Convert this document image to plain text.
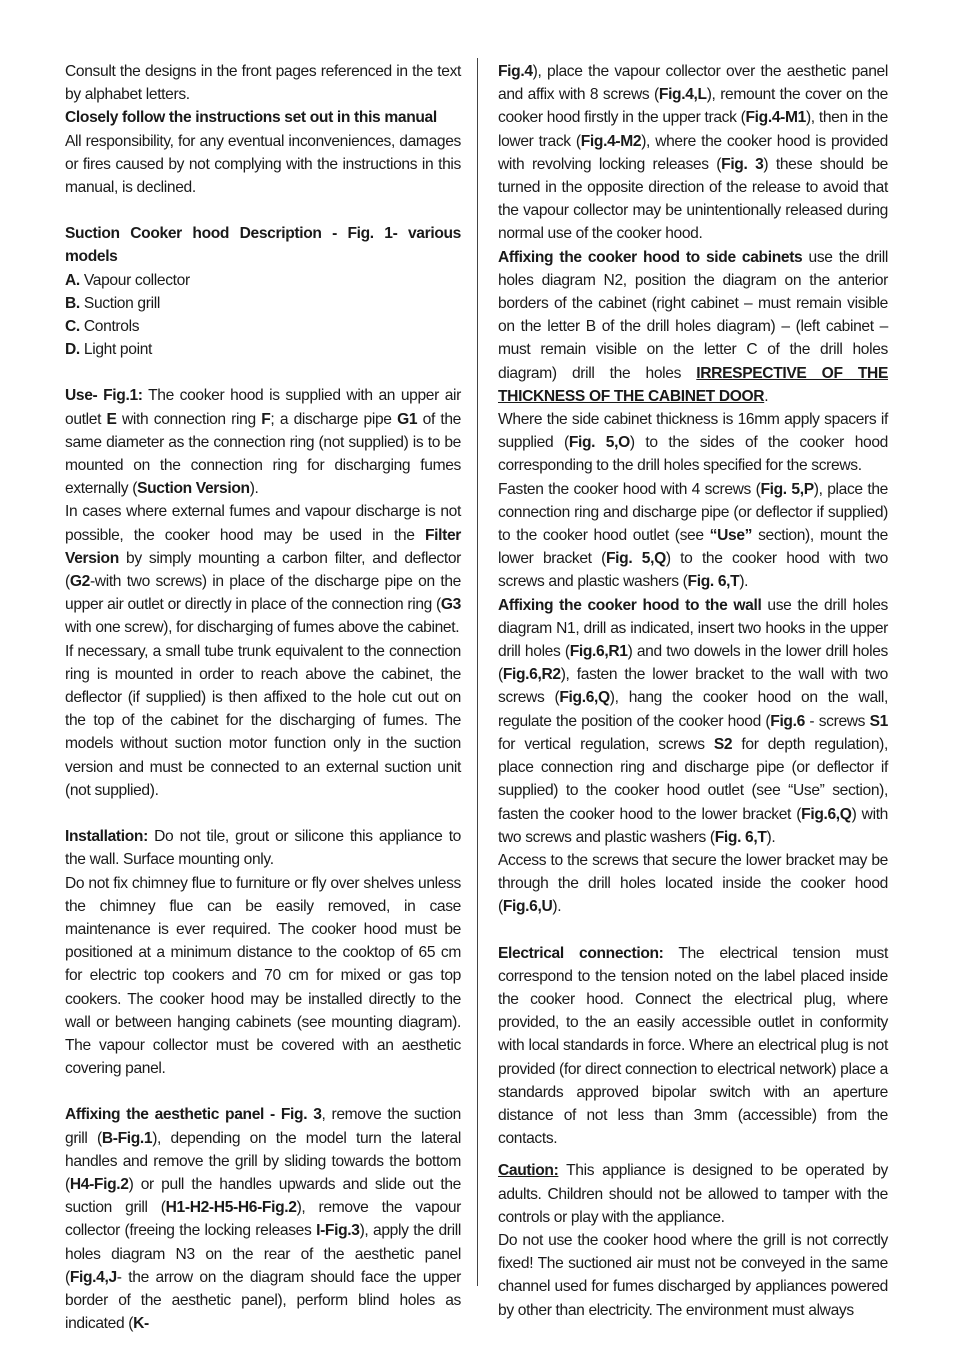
Consult the designs in the front pages referenced in the text by alphabet letters.

Closely follow the instructions set out in this manual

All responsibility, for any eventual inconveniences, damages or fires caused by not complying with the instructions in this manual, is declined.

Suction Cooker hood Description - Fig. 1- various models

A. Vapour collector

B. Suction grill

C. Controls

D. Light point

Use- Fig.1: The cooker hood is supplied with an upper air outlet E with connection ring F; a discharge pipe G1 of the same diameter as the connection ring (not supplied) is to be mounted on the connection ring for discharging fumes externally (Suction Version).

In cases where external fumes and vapour discharge is not possible, the cooker hood may be used in the Filter Version by simply mounting a carbon filter, and deflector (G2-with two screws) in place of the discharge pipe on the upper air outlet or directly in place of the connection ring (G3 with one screw), for discharging of fumes above the cabinet.

If necessary, a small tube trunk equivalent to the connection ring is mounted in order to reach above the cabinet, the deflector (if supplied) is then affixed to the hole cut out on the top of the cabinet for the discharging of fumes. The models without suction motor function only in the suction version and must be connected to an external suction unit (not supplied).

Installation: Do not tile, grout or silicone this appliance to the wall. Surface mounting only.

Do not fix chimney flue to furniture or fly over shelves unless the chimney flue can be easily removed, in case maintenance is ever required. The cooker hood must be positioned at a minimum distance to the cooktop of 65 cm for electric top cookers and 70 cm for mixed or gas top cookers. The cooker hood may be installed directly to the wall or between hanging cabinets (see mounting diagram). The vapour collector must be covered with an aesthetic covering panel.

Affixing the aesthetic panel - Fig. 3, remove the suction grill (B-Fig.1), depending on the model turn the lateral handles and remove the grill by sliding towards the bottom (H4-Fig.2) or pull the handles upwards and slide out the suction grill (H1-H2-H5-H6-Fig.2), remove the vapour collector (freeing the locking releases I-Fig.3), apply the drill holes diagram N3 on the rear of the aesthetic panel (Fig.4,J- the arrow on the diagram should face the upper border of the aesthetic panel), perform blind holes as indicated (K-

Fig.4), place the vapour collector over the aesthetic panel and affix with 8 screws (Fig.4,L), remount the cover on the cooker hood firstly in the upper track (Fig.4-M1), then in the lower track (Fig.4-M2), where the cooker hood is provided with revolving locking releases (Fig. 3) these should be turned in the opposite direction of the release to avoid that the vapour collector may be unintentionally released during normal use of the cooker hood.

Affixing the cooker hood to side cabinets use the drill holes diagram N2, position the diagram on the anterior borders of the cabinet (right cabinet – must remain visible on the letter B of the drill holes diagram) – (left cabinet – must remain visible on the letter C of the drill holes diagram) drill the holes IRRESPECTIVE OF THE THICKNESS OF THE CABINET DOOR.

Where the side cabinet thickness is 16mm apply spacers if supplied (Fig. 5,O) to the sides of the cooker hood corresponding to the drill holes specified for the screws.

Fasten the cooker hood with 4 screws (Fig. 5,P), place the connection ring and discharge pipe (or deflector if supplied) to the cooker hood outlet (see “Use” section), mount the lower bracket (Fig. 5,Q) to the cooker hood with two screws and plastic washers (Fig. 6,T).

Affixing the cooker hood to the wall use the drill holes diagram N1, drill as indicated, insert two hooks in the upper drill holes (Fig.6,R1) and two dowels in the lower drill holes (Fig.6,R2), fasten the lower bracket to the wall with two screws (Fig.6,Q), hang the cooker hood on the wall, regulate the position of the cooker hood (Fig.6 - screws S1 for vertical regulation, screws S2 for depth regulation), place connection ring and discharge pipe (or deflector if supplied) to the cooker hood outlet (see “Use” section), fasten the cooker hood to the lower bracket (Fig.6,Q) with two screws and plastic washers (Fig. 6,T).

Access to the screws that secure the lower bracket may be through the drill holes located inside the cooker hood (Fig.6,U).

Electrical connection: The electrical tension must correspond to the tension noted on the label placed inside the cooker hood. Connect the electrical plug, where provided, to the an easily accessible outlet in conformity with local standards in force. Where an electrical plug is not provided (for direct connection to electrical network) place a standards approved bipolar switch with an aperture distance of not less than 3mm (accessible) from the contacts.

Caution: This appliance is designed to be operated by adults. Children should not be allowed to tamper with the controls or play with the appliance.

Do not use the cooker hood where the grill is not correctly fixed! The suctioned air must not be conveyed in the same channel used for fumes discharged by appliances powered by other than electricity. The environment must always
